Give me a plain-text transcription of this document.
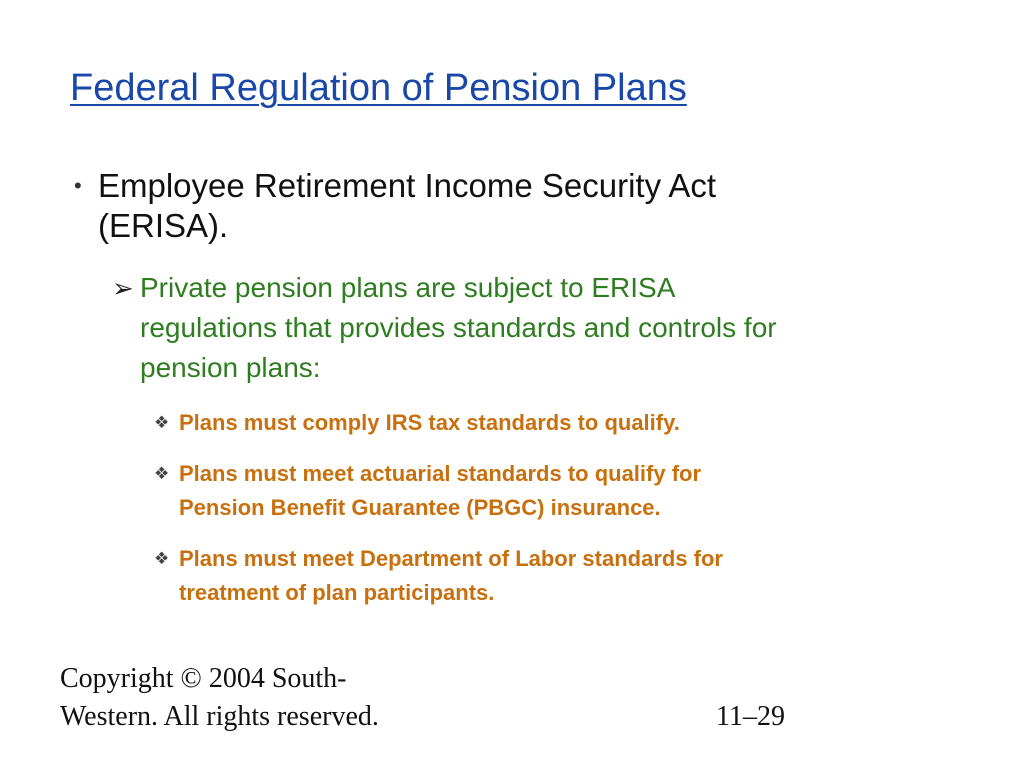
Federal Regulation of Pension Plans
• Employee Retirement Income Security Act
(ERISA).
➢ Private pension plans are subject to ERISA
regulations that provides standards and controls for
pension plans:
❖ Plans must comply IRS tax standards to qualify.
❖ Plans must meet actuarial standards to qualify for
Pension Benefit Guarantee (PBGC) insurance.
❖ Plans must meet Department of Labor standards for
treatment of plan participants.
Copyright © 2004 South-
Western. All rights reserved.	11–29
